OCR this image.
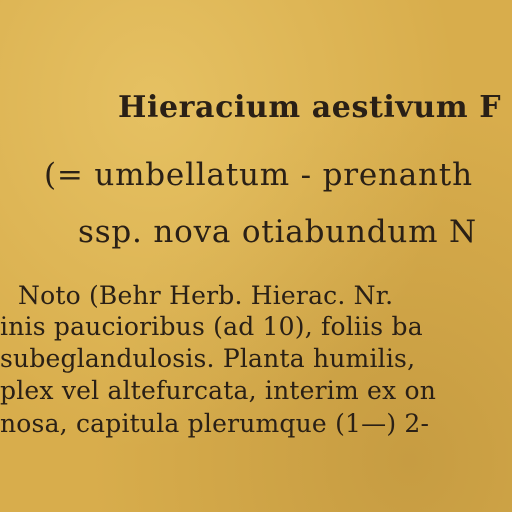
Hieracium aestivum F
(= umbellatum - prenanth
ssp. nova otiabundum N
Noto (Behr Herb. Hierac. Nr.
inis paucioribus (ad 10), foliis ba
subeglandulosis. Planta humilis,
plex vel altefurcata, interim ex on
nosa, capitula plerumque (1—) 2-
